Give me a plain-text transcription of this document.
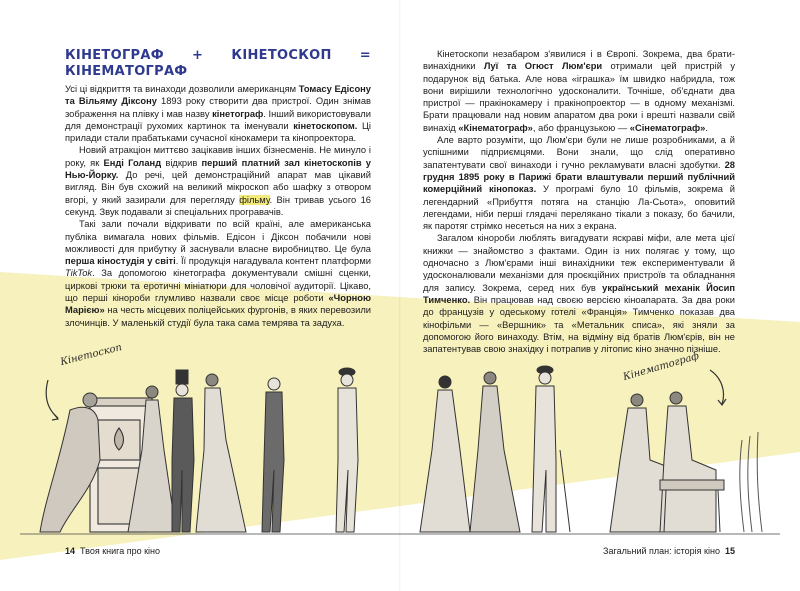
КІНЕТОГРАФ + КІНЕТОСКОП = КІНЕМАТОГРАФ

Усі ці відкриття та винаходи дозволили американцям Томасу Едісону та Вільяму Діксону 1893 року створити два пристрої. Один знімав зображення на плівку і мав назву кінетограф. Інший використовували для демонстрації рухомих картинок та іменували кінетоскопом. Ці прилади стали прабатьками сучасної кінокамери та кінопроектора.

Новий атракціон миттєво зацікавив інших бізнесменів. Не минуло і року, як Енді Голанд відкрив перший платний зал кінетоскопів у Нью-Йорку. До речі, цей демонстраційний апарат мав цікавий вигляд. Він був схожий на великий мікроскоп або шафку з отвором вгорі, у який зазирали для перегляду фільму. Він тривав усього 16 секунд. Звук подавали зі спеціальних програвачів.

Такі зали почали відкривати по всій країні, але американська публіка вимагала нових фільмів. Едісон і Діксон побачили нові можливості для прибутку й заснували власне виробництво. Це була перша кіностудія у світі. Її продукція нагадувала контент платформи TikTok. За допомогою кінетографа документували смішні сценки, циркові трюки та еротичні мініатюри для чоловічої аудиторії. Цікаво, що перші кінороби глумливо назвали своє місце роботи «Чорною Марією» на честь місцевих поліцейських фургонів, в яких перевозили злочинців. У маленькій студії була така сама темрява та задуха.

Кінетоскопи незабаром з'явилися і в Європі. Зокрема, два брати-винахідники Луї та Огюст Люм'єри отримали цей пристрій у подарунок від батька. Але нова «іграшка» їм швидко набридла, тож вони вирішили технологічно удосконалити. Точніше, об'єднати два пристрої — пракінокамеру і пракінопроектор — в одному механізмі. Брати працювали над новим апаратом два роки і врешті назвали свій винахід «Кінематограф», або французькою — «Сінематограф».

Але варто розуміти, що Люм'єри були не лише розробниками, а й успішними підприємцями. Вони знали, що слід оперативно запатентувати свої винаходи і гучно рекламувати власні здобутки. 28 грудня 1895 року в Парижі брати влаштували перший публічний комерційний кінопоказ. У програмі було 10 фільмів, зокрема й легендарний «Прибуття потяга на станцію Ла-Сьота», оповитий легендами, ніби перші глядачі перелякано тікали з показу, бо бачили, як паротяг стрімко несеться на них з екрана.

Загалом кінороби люблять вигадувати яскраві міфи, але мета цієї книжки — знайомство з фактами. Один із них полягає у тому, що одночасно з Люм'єрами інші винахідники теж експериментували й удосконалювали механізми для проєкційних пристроїв та обладнання для запису. Зокрема, серед них був український механік Йосип Тимченко. Він працював над своєю версією кіноапарата. За два роки до французів у одеському готелі «Франція» Тимченко показав два кінофільми — «Вершник» та «Метальник списа», які зняли за допомогою його винаходу. Втім, на відміну від братів Люм'єрів, він не запатентував свою знахідку і потрапив у літопис кіно значно пізніше.

Кінетоскоп	Кінематограф
14 Твоя книга про кіно	Загальний план: історія кіно 15
